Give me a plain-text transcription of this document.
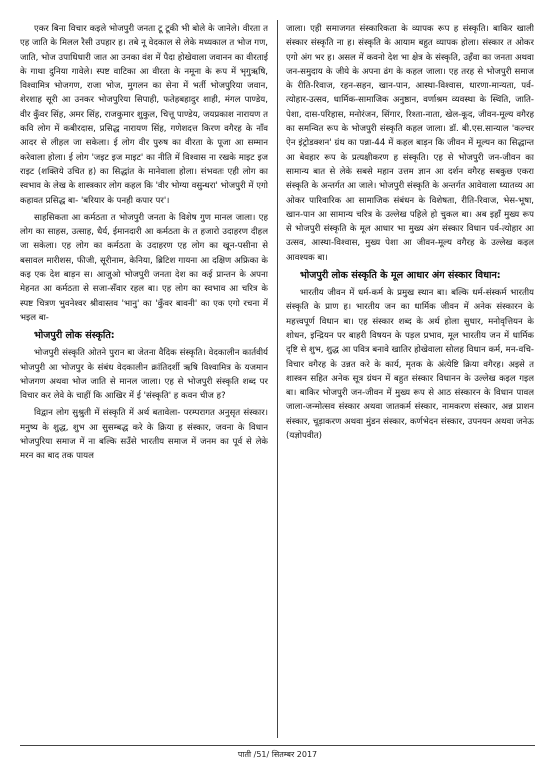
एकर बिना विचार कइले भोजपुरी जनता टू टूकी भी बोले के जानेले। वीरता त एह जाति के मिलल रैसी उपहार ह। तबे नू वेदकाल से लेके मध्यकाल त भोज गण, जाति, भोज उपाधिधारी जात आ उनका वंश में पैदा होखेवाला जवानन का वीरताई के गाथा दुनिया गावेले। स्पष्ट वाटिका आ वीरता के नमूना के रूप में भृगुऋषि, विश्वामित्र भोजगण, राजा भोज, मुगलन का सेना में भर्ती भोजपुरिया जवान, शेरशाह सूरी आ उनकर भोजपुरिया सिपाही, फतेहबहादुर शाही, मंगल पाण्डेय, वीर कुँवर सिंह, अमर सिंह, राजकुमार शुकुल, चित्तू पाण्डेय, जयप्रकाश नारायण त कवि लोग में कबीरदास, प्रसिद्ध नारायण सिंह, गणेशदत्त किरण वगैरह के नाँव आदर से लीहल जा सकेला। ई लोग वीर पुरुष का वीरता के पूजा आ सम्मान करेवाला होला। ई लोग 'जइट इज माइट' का नीति में विश्वास ना रखके माइट इज राइट (शक्तिये उचित ह) का सिद्धांत के मानेवाला होला। संभवतः एही लोग का स्वभाव के लेख के शास्त्रकार लोग कहल कि 'वीर भोग्या वसुन्धरा' भोजपुरी में एगो कहावत प्रसिद्ध बा- 'बरियार के पनही कपार पर'।

साहसिकता आ कर्मठता त भोजपुरी जनता के विशेष गुण मानल जाला। एह लोग का साहस, उत्साह, धैर्य, ईमानदारी आ कर्मठता के त हजारो उदाहरण दीहल जा सकेला। एह लोग का कर्मठता के उदाहरण एह लोग का खून-पसीना से बसावल मारीशस, फीजी, सूरीनाम, केनिया, ब्रिटिश गायना आ दक्षिण अफ्रिका के कइ एक देश बाड़न स। आजुओ भोजपुरी जनता देश का कई प्रान्तन के अपना मेहनत आ कर्मठता से सजा-सँवार रहल बा। एह लोग का स्वभाव आ चरित्र के स्पष्ट चित्रण भुवनेश्वर श्रीवास्तव 'भानु' का 'कुँवर बावनी' का एक एगो रचना में भइल बा-

भोजपुरी लोक संस्कृति:

भोजपुरी संस्कृति ओतने पुरान बा जेतना वैदिक संस्कृति। वेदकालीन कार्तवीर्य भोजपुरी आ भोजपुर के संबंध वेदकालीन क्रांतिदर्शी ऋषि विश्वामित्र के यजमान भोजगण अथवा भोज जाति से मानल जाला। एह से भोजपुरी संस्कृति शब्द पर विचार कर लेवे के चाहीं कि आखिर में ई 'संस्कृति' ह कवन चीज ह?

विद्वान लोग सुश्रुती में संस्कृति में अर्थ बतावेला- परम्परागत अनुसृत संस्कार। मनुष्य के शुद्ध, शुभ आ सुसम्बद्ध करे के क्रिया ह संस्कार, जवना के विधान भोजपुरिया समाज में ना बल्कि सउँसे भारतीय समाज में जनम का पूर्व से लेके मरन का बाद तक पायल

जाला। एही समाजगत संस्कारिकता के व्यापक रूप ह संस्कृति। बाकिर खाली संस्कार संस्कृति ना ह। संस्कृति के आयाम बहुत व्यापक होला। संस्कार त ओकर एगो अंग भर ह। असल में कवनो देश भा क्षेत्र के संस्कृति, उहँवा का जनता अथवा जन-समुदाय के जीये के अपना ढंग के कहल जाला। एह तरह से भोजपुरी समाज के रीति-रिवाज, रहन-सहन, खान-पान, आस्था-विश्वास, धारणा-मान्यता, पर्व-त्योहार-उत्सव, धार्मिक-सामाजिक अनुष्ठान, वर्णाश्रम व्यवस्था के स्थिति, जाति-पेशा, दास-परिहास, मनोरंजन, सिंगार, रिश्ता-नाता, खेल-कूद, जीवन-मूल्य वगैरह का समन्वित रूप के भोजपुरी संस्कृति कहल जाला। डॉ. बी.एस.सान्याल 'कल्चर ऐन इंट्रोडक्शन' ग्रंथ का पन्ना-44 में कहल बाड़न कि जीवन में मूल्यन का सिद्धान्त आ बेवहार रूप के प्रत्यक्षीकरण ह संस्कृति। एह से भोजपुरी जन-जीवन का सामान्य बात से लेके सबसे महान उत्तम ज्ञान आ दर्शन वगैरह सबकुछ एकरा संस्कृति के अन्तर्गत आ जाले। भोजपुरी संस्कृति के अन्तर्गत आवेवाला ध्यातव्य आ ओकर पारिवारिक आ सामाजिक संबंधन के विशेषता, रीति-रिवाज, भेस-भूषा, खान-पान आ सामान्य चरित्र के उल्लेख पहिले हो चुकल बा। अब इहाँ मुख्य रूप से भोजपुरी संस्कृति के मूल आधार भा मुख्य अंग संस्कार विधान पर्व-त्योहार आ उत्सव, आस्था-विश्वास, मुख्य पेशा आ जीवन-मूल्य वगैरह के उल्लेख कइल आवश्यक बा।

भोजपुरी लोक संस्कृति के मूल आधार अंग संस्कार विधान:

भारतीय जीवन में धर्म-कर्म के प्रमुख स्थान बा। बल्कि धर्म-संस्कर्म भारतीय संस्कृति के प्राण ह। भारतीय जन का धार्मिक जीवन में अनेक संस्कारन के महत्त्वपूर्ण विधान बा। एह संस्कार शब्द के अर्थ होला सुधार, मनोवृत्तियन के शोधन, इन्द्रियन पर बाहरी विषयन के पड़ल प्रभाव, मूल भारतीय जन में धार्मिक दृष्टि से शुभ, शुद्ध आ पवित्र बनावे खातिर होखेवाला सोलह विधान कर्म, मन-वचि-विचार वगैरह के उन्नत करे के कार्य, मृतक के अंत्येष्टि क्रिया वगैरह। अइसे त शास्त्रन सहित अनेक सूत्र ग्रंथन में बहुत संस्कार विधानन के उल्लेख कइल गइल बा। बाकिर भोजपुरी जन-जीवन में मुख्य रूप से आठ संस्कारन के विधान पावल जाला-जन्मोत्सव संस्कार अथवा जातकर्म संस्कार, नामकरण संस्कार, अन्न प्राशन संस्कार, चूड़ाकरण अथवा मुंडन संस्कार, कर्णभेदन संस्कार, उपनयन अथवा जनेऊ (यज्ञोपवीत)

पाती /51/ सितम्बर 2017
